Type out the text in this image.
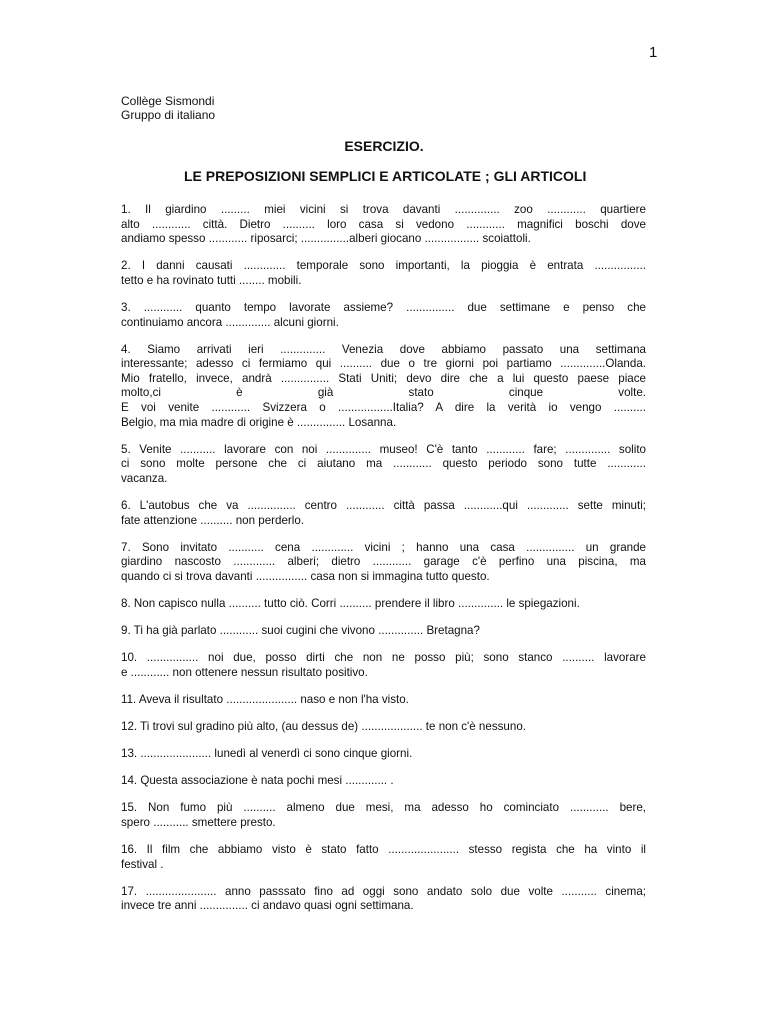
1
Collège Sismondi
Gruppo di italiano
ESERCIZIO.
LE PREPOSIZIONI SEMPLICI E ARTICOLATE ; GLI ARTICOLI

1. Il giardino ......... miei vicini si trova davanti .............. zoo ............ quartiere
alto ............ città. Dietro .......... loro casa si vedono ............ magnifici boschi dove
andiamo spesso ............ riposarci; ...............alberi giocano ................. scoiattoli.

2. I danni causati ............. temporale sono importanti, la pioggia è entrata ................
tetto e ha rovinato tutti ........ mobili.

3. ............ quanto tempo lavorate assieme? ............... due settimane e penso che
continuiamo ancora .............. alcuni giorni.

4. Siamo arrivati ieri .............. Venezia dove abbiamo passato una settimana
interessante; adesso ci fermiamo qui .......... due o tre giorni poi partiamo ..............Olanda.
Mio fratello, invece, andrà ............... Stati Uniti; devo dire che a lui questo paese piace
molto,ci è già stato cinque volte.
E voi venite ............ Svizzera o .................Italia? A dire la verità io vengo ..........
Belgio, ma mia madre di origine è ............... Losanna.

5. Venite ........... lavorare con noi .............. museo! C'è tanto ............ fare; .............. solito
ci sono molte persone che ci aiutano ma ............ questo periodo sono tutte ............
vacanza.

6. L'autobus che va ............... centro ............ città passa ............qui ............. sette minuti;
fate attenzione .......... non perderlo.

7. Sono invitato ........... cena ............. vicini ; hanno una casa ............... un grande
giardino nascosto ............. alberi; dietro ............ garage c'è perfino una piscina, ma
quando ci si trova davanti ................ casa non si immagina tutto questo.

8. Non capisco nulla .......... tutto ciò. Corri .......... prendere il libro .............. le spiegazioni.

9. Ti ha già parlato ............ suoi cugini che vivono .............. Bretagna?

10. ................ noi due, posso dirti che non ne posso più; sono stanco .......... lavorare
e ............ non ottenere nessun risultato positivo.

11. Aveva il risultato ...................... naso e non l'ha visto.

12. Ti trovi sul gradino più alto, (au dessus de) ................... te non c'è nessuno.

13. ...................... lunedì al venerdì ci sono cinque giorni.

14. Questa associazione è nata pochi mesi ............. .

15. Non fumo più .......... almeno due mesi, ma adesso ho cominciato ............ bere,
spero ........... smettere presto.

16. Il film che abbiamo visto è stato fatto ...................... stesso regista che ha vinto il
festival .

17. ...................... anno passsato fino ad oggi sono andato solo due volte ........... cinema;
invece tre anni ............... ci andavo quasi ogni settimana.
